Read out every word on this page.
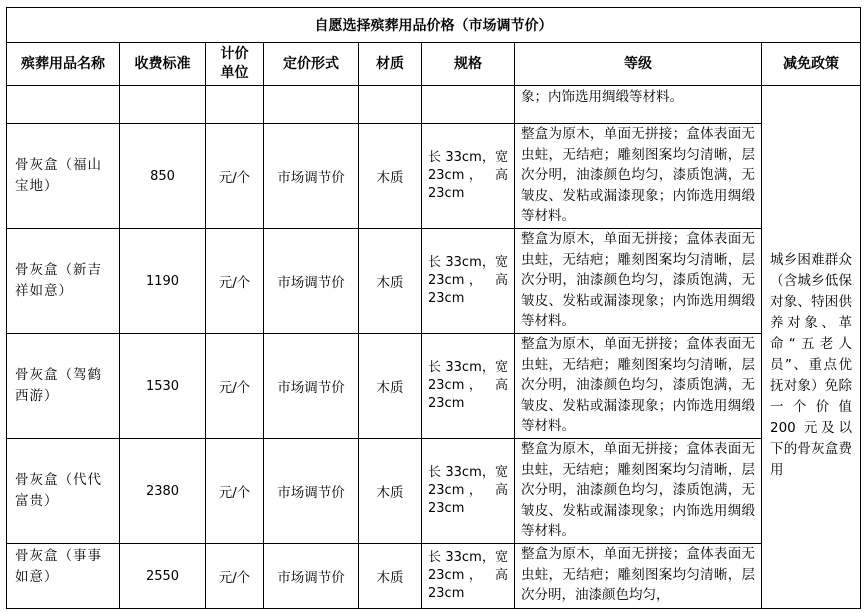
自愿选择殡葬用品价格（市场调节价）							
殡葬用品名称	收费标准	计价单位	定价形式	材质	规格	等级	减免政策

						象；内饰选用绸缎等材料。	

骨灰盒（福山宝地）	850	元/个	市场调节价	木质	长 33cm，宽 23cm， 高 23cm	整盒为原木，单面无拼接；盒体表面无虫蛀，无结疤；雕刻图案均匀清晰，层次分明，油漆颜色均匀，漆质饱满，无皱皮、发粘或漏漆现象；内饰选用绸缎等材料。	城乡困难群众（含城乡低保对象、特困供养对象、革命“五老人员”、重点优抚对象）免除一个价值 200 元及以下的骨灰盒费用
骨灰盒（新吉祥如意）	1190	元/个	市场调节价	木质	长 33cm，宽 23cm， 高 23cm	整盒为原木，单面无拼接；盒体表面无虫蛀，无结疤；雕刻图案均匀清晰，层次分明，油漆颜色均匀，漆质饱满，无皱皮、发粘或漏漆现象；内饰选用绸缎等材料。	
骨灰盒（驾鹤西游）	1530	元/个	市场调节价	木质	长 33cm，宽 23cm， 高 23cm	整盒为原木，单面无拼接；盒体表面无虫蛀，无结疤；雕刻图案均匀清晰，层次分明，油漆颜色均匀，漆质饱满，无皱皮、发粘或漏漆现象；内饰选用绸缎等材料。	
骨灰盒（代代富贵）	2380	元/个	市场调节价	木质	长 33cm，宽 23cm， 高 23cm	整盒为原木，单面无拼接；盒体表面无虫蛀，无结疤；雕刻图案均匀清晰，层次分明，油漆颜色均匀，漆质饱满，无皱皮、发粘或漏漆现象；内饰选用绸缎等材料。	
骨灰盒（事事如意）	2550	元/个	市场调节价	木质	长 33cm，宽 23cm， 高 23cm	整盒为原木，单面无拼接；盒体表面无虫蛀，无结疤；雕刻图案均匀清晰，层次分明，油漆颜色均匀，	
